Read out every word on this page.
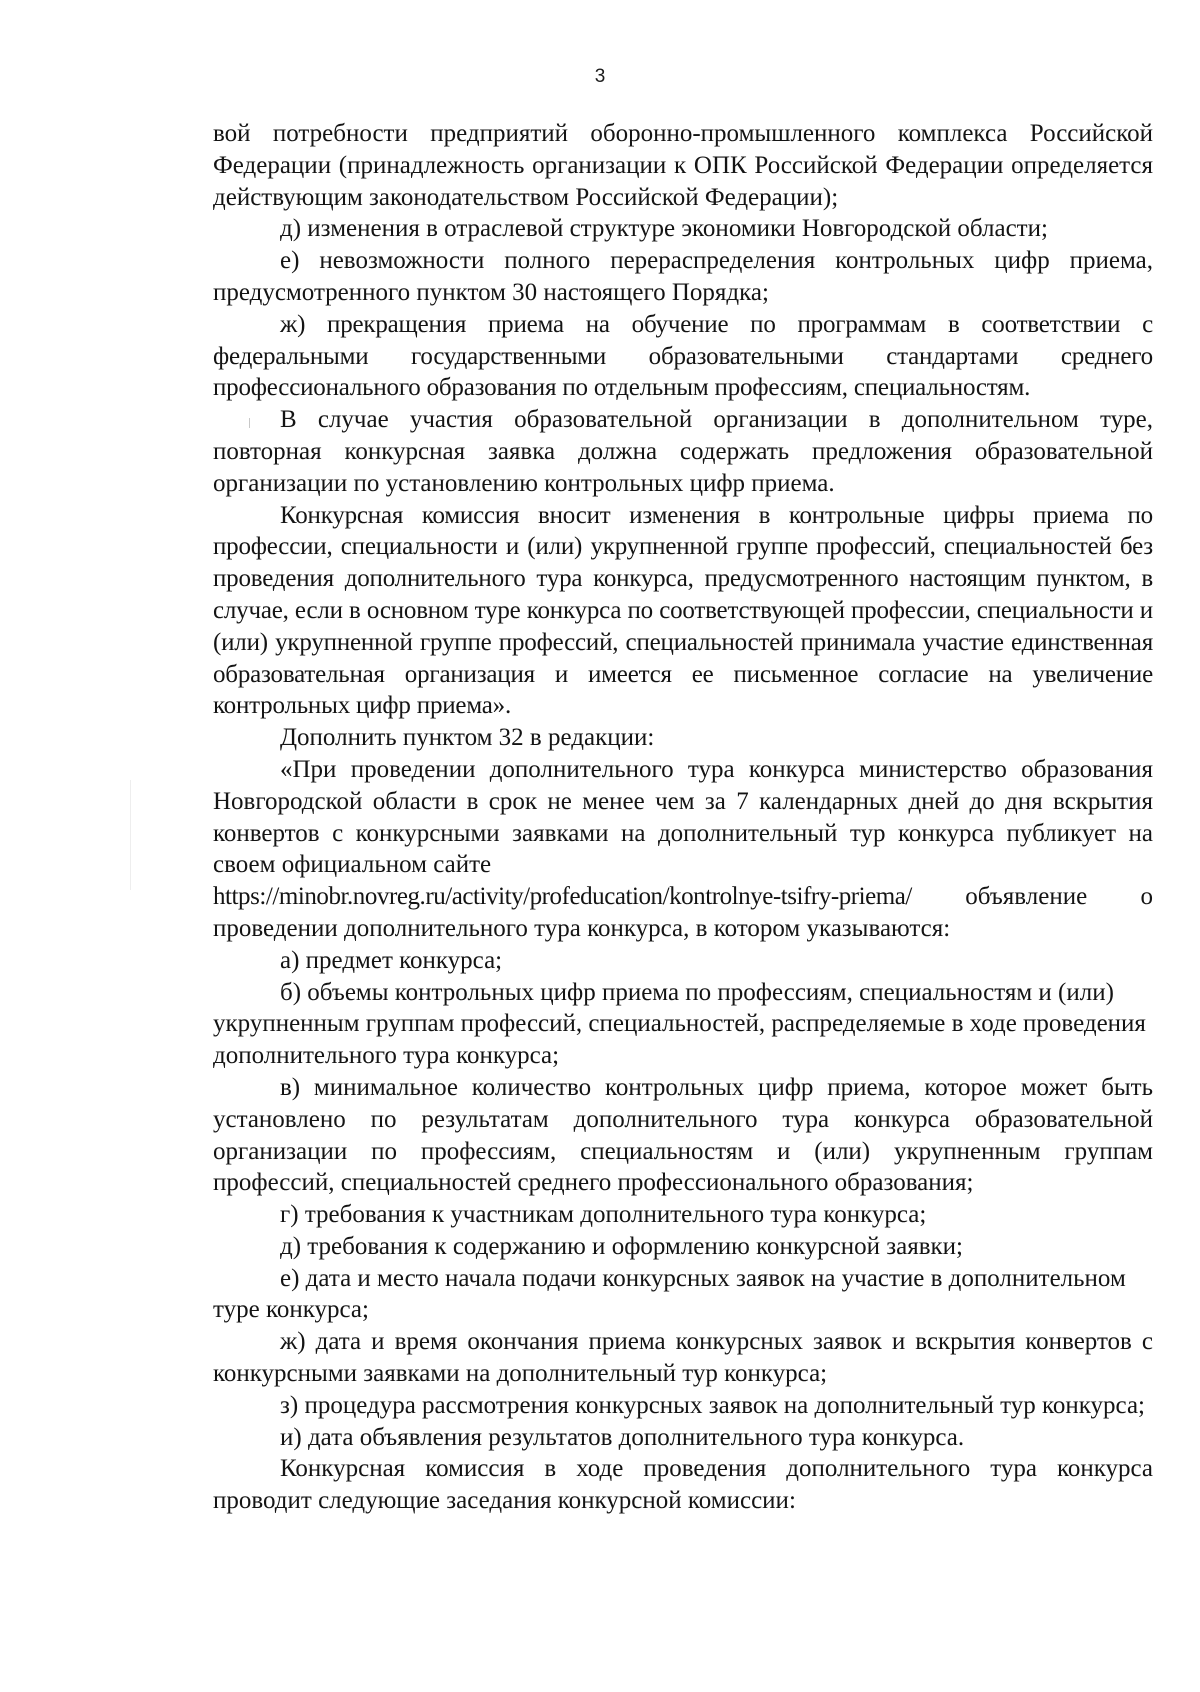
3

вой потребности предприятий оборонно-промышленного комплекса Российской Федерации (принадлежность организации к ОПК Российской Федерации определяется действующим законодательством Российской Федерации);

д) изменения в отраслевой структуре экономики Новгородской области;

е) невозможности полного перераспределения контрольных цифр приема, предусмотренного пунктом 30 настоящего Порядка;

ж) прекращения приема на обучение по программам в соответствии с федеральными государственными образовательными стандартами среднего профессионального образования по отдельным профессиям, специальностям.

В случае участия образовательной организации в дополнительном туре, повторная конкурсная заявка должна содержать предложения образовательной организации по установлению контрольных цифр приема.

Конкурсная комиссия вносит изменения в контрольные цифры приема по профессии, специальности и (или) укрупненной группе профессий, специальностей без проведения дополнительного тура конкурса, предусмотренного настоящим пунктом, в случае, если в основном туре конкурса по соответствующей профессии, специальности и (или) укрупненной группе профессий, специальностей принимала участие единственная образовательная организация и имеется ее письменное согласие на увеличение контрольных цифр приема».

Дополнить пунктом 32 в редакции:

«При проведении дополнительного тура конкурса министерство образования Новгородской области в срок не менее чем за 7 календарных дней до дня вскрытия конвертов с конкурсными заявками на дополнительный тур конкурса публикует на своем официальном сайте

https://minobr.novreg.ru/activity/profeducation/kontrolnye-tsifry-priema/ объявление о проведении дополнительного тура конкурса, в котором указываются:

а) предмет конкурса;

б) объемы контрольных цифр приема по профессиям, специальностям и (или) укрупненным группам профессий, специальностей, распределяемые в ходе проведения дополнительного тура конкурса;

в) минимальное количество контрольных цифр приема, которое может быть установлено по результатам дополнительного тура конкурса образовательной организации по профессиям, специальностям и (или) укрупненным группам профессий, специальностей среднего профессионального образования;

г) требования к участникам дополнительного тура конкурса;

д) требования к содержанию и оформлению конкурсной заявки;

е) дата и место начала подачи конкурсных заявок на участие в дополнительном туре конкурса;

ж) дата и время окончания приема конкурсных заявок и вскрытия конвертов с конкурсными заявками на дополнительный тур конкурса;

з) процедура рассмотрения конкурсных заявок на дополнительный тур конкурса;

и) дата объявления результатов дополнительного тура конкурса.

Конкурсная комиссия в ходе проведения дополнительного тура конкурса проводит следующие заседания конкурсной комиссии:
